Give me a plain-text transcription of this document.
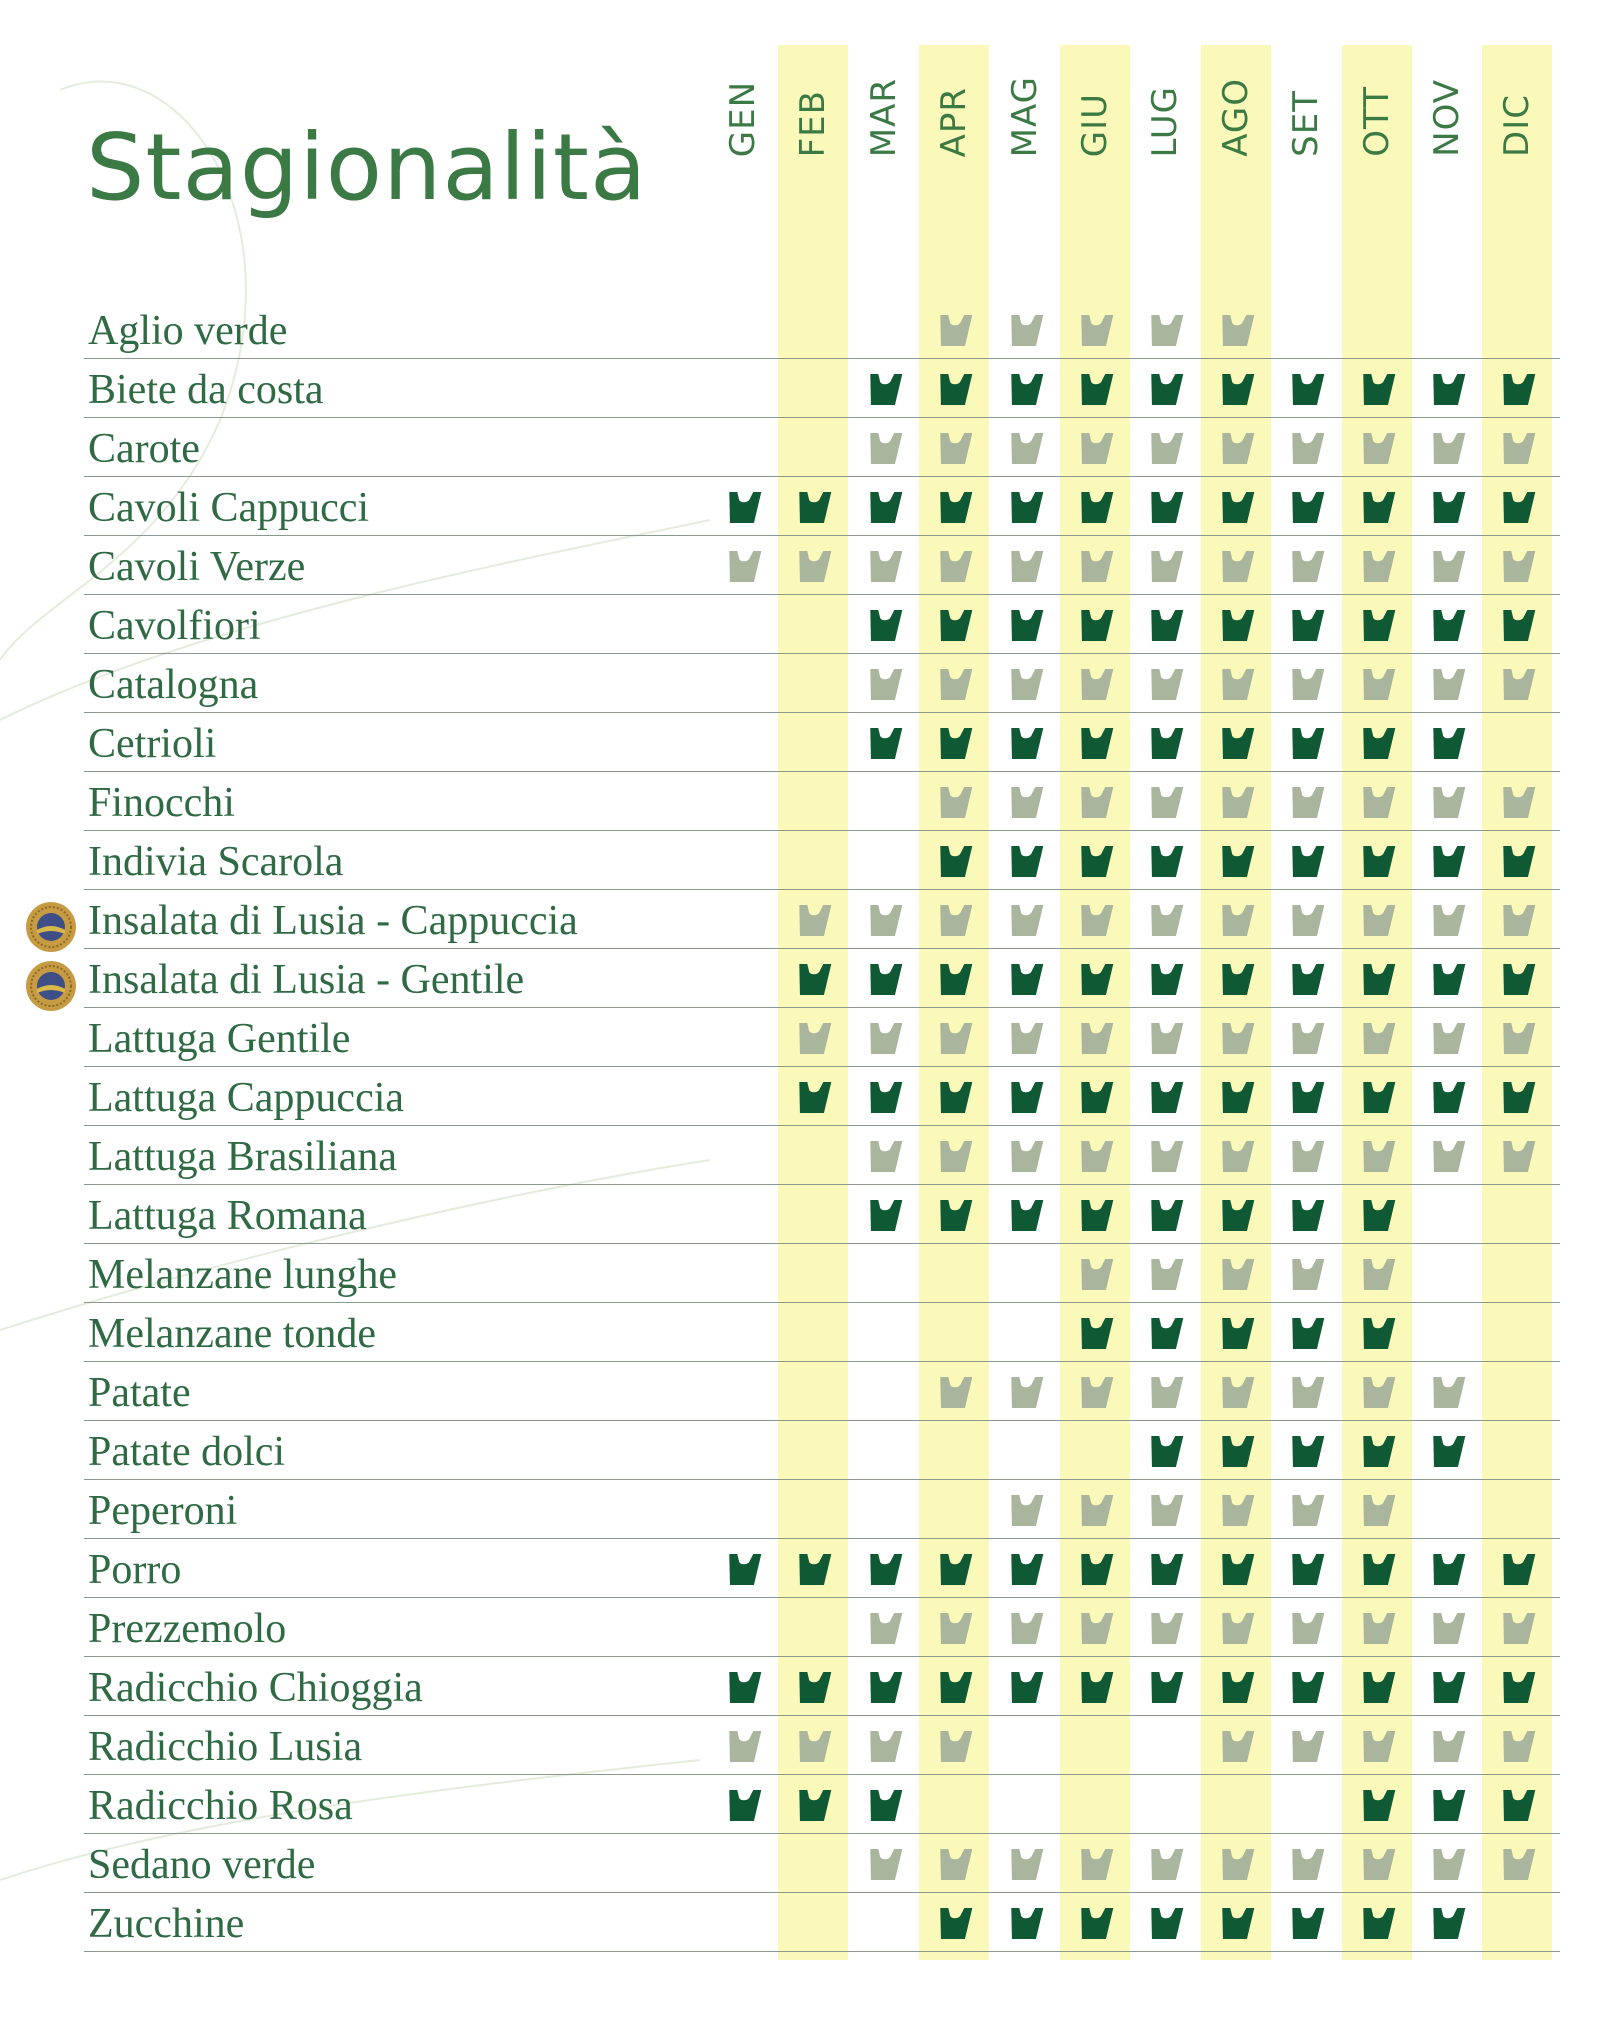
Stagionalità GEN FEB MAR APR MAG GIU LUG AGO SET OTT NOV DIC
Aglio verde
Biete da costa
Carote
Cavoli Cappucci
Cavoli Verze
Cavolfiori
Catalogna
Cetrioli
Finocchi
Indivia Scarola
Insalata di Lusia - Cappuccia
Insalata di Lusia - Gentile
Lattuga Gentile
Lattuga Cappuccia
Lattuga Brasiliana
Lattuga Romana
Melanzane lunghe
Melanzane tonde
Patate
Patate dolci
Peperoni
Porro
Prezzemolo
Radicchio Chioggia
Radicchio Lusia
Radicchio Rosa
Sedano verde
Zucchine
